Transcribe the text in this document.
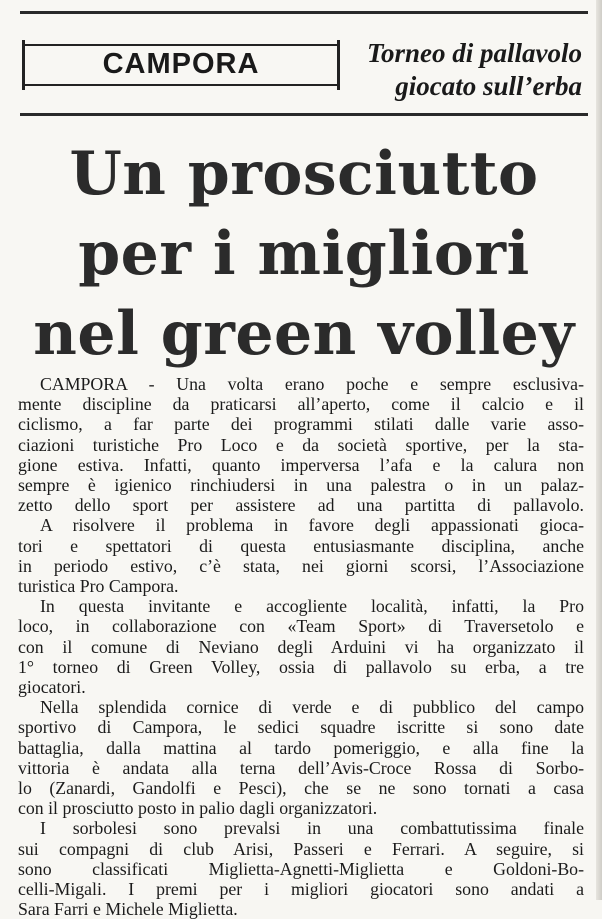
CAMPORA	Torneo di pallavolo
giocato sull’erba
Un prosciutto
per i migliori
nel green volley

CAMPORA - Una volta erano poche e sempre esclusiva-
mente discipline da praticarsi all’aperto, come il calcio e il
ciclismo, a far parte dei programmi stilati dalle varie asso-
ciazioni turistiche Pro Loco e da società sportive, per la sta-
gione estiva. Infatti, quanto imperversa l’afa e la calura non
sempre è igienico rinchiudersi in una palestra o in un palaz-
zetto dello sport per assistere ad una partitta di pallavolo.

A risolvere il problema in favore degli appassionati gioca-
tori e spettatori di questa entusiasmante disciplina, anche
in periodo estivo, c’è stata, nei giorni scorsi, l’Associazione
turistica Pro Campora.

In questa invitante e accogliente località, infatti, la Pro
loco, in collaborazione con «Team Sport» di Traversetolo e
con il comune di Neviano degli Arduini vi ha organizzato il
1° torneo di Green Volley, ossia di pallavolo su erba, a tre
giocatori.

Nella splendida cornice di verde e di pubblico del campo
sportivo di Campora, le sedici squadre iscritte si sono date
battaglia, dalla mattina al tardo pomeriggio, e alla fine la
vittoria è andata alla terna dell’Avis-Croce Rossa di Sorbo-
lo (Zanardi, Gandolfi e Pesci), che se ne sono tornati a casa
con il prosciutto posto in palio dagli organizzatori.

I sorbolesi sono prevalsi in una combattutissima finale
sui compagni di club Arisi, Passeri e Ferrari. A seguire, si
sono classificati Miglietta-Agnetti-Miglietta e Goldoni-Bo-
celli-Migali. I premi per i migliori giocatori sono andati a
Sara Farri e Michele Miglietta.
